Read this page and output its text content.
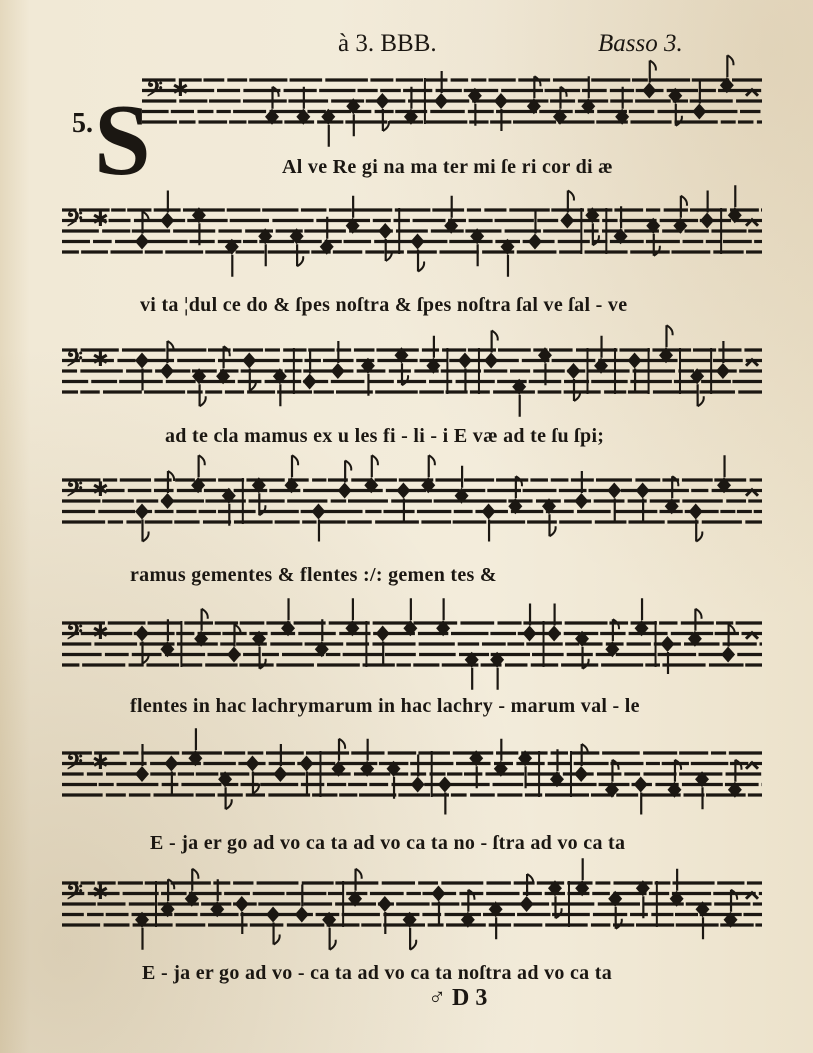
à 3. BBB.	Basso 3.
5. S
𝄢 ✱
Al ve Re gi na ma ter mi ſe ri cor di æ
𝄢 ✱
vi ta ¦dul ce do & ſpes noſtra & ſpes noſtra ſal ve ſal - ve
𝄢 ✱
ad te cla mamus ex u les fi - li - i E væ ad te ſu ſpi;
𝄢 ✱
ramus gementes & flentes :/: gemen tes &
𝄢 ✱
flentes in hac lachrymarum in hac lachry - marum val - le
𝄢 ✱
E - ja er go ad vo ca ta ad vo ca ta no - ſtra ad vo ca ta
𝄢 ✱
E - ja er go ad vo - ca ta ad vo ca ta noſtra ad vo ca ta
♂ D 3
